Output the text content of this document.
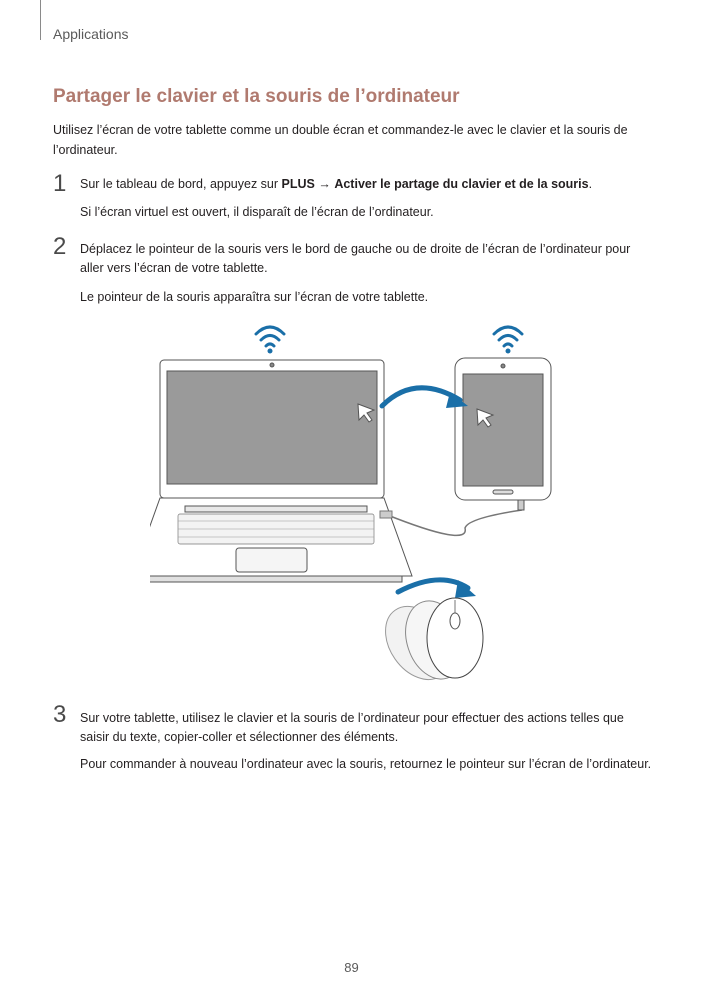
Applications
Partager le clavier et la souris de l’ordinateur

Utilisez l’écran de votre tablette comme un double écran et commandez-le avec le clavier et la souris de l’ordinateur.

1 Sur le tableau de bord, appuyez sur PLUS → Activer le partage du clavier et de la souris.

Si l’écran virtuel est ouvert, il disparaît de l’écran de l’ordinateur.

2 Déplacez le pointeur de la souris vers le bord de gauche ou de droite de l’écran de l’ordinateur pour aller vers l’écran de votre tablette.

Le pointeur de la souris apparaîtra sur l’écran de votre tablette.

3 Sur votre tablette, utilisez le clavier et la souris de l’ordinateur pour effectuer des actions telles que saisir du texte, copier-coller et sélectionner des éléments.

Pour commander à nouveau l’ordinateur avec la souris, retournez le pointeur sur l’écran de l’ordinateur.

89
